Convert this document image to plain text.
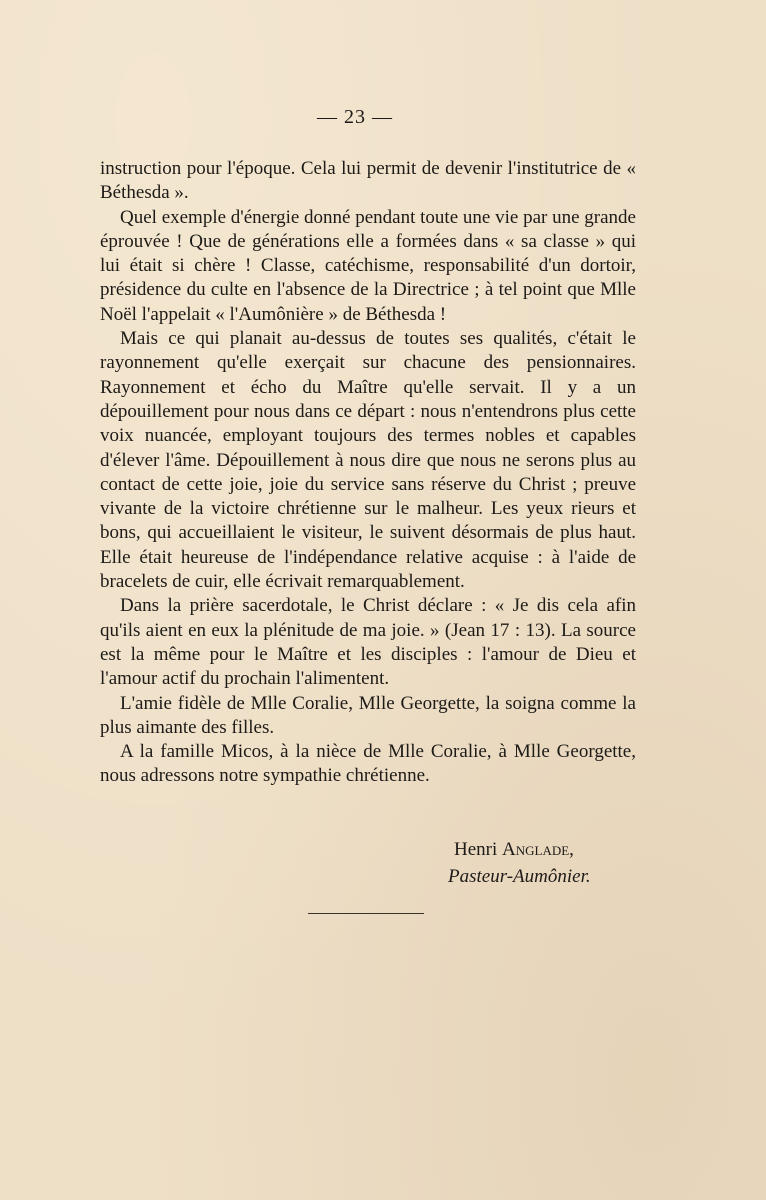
— 23 —

instruction pour l'époque. Cela lui permit de devenir l'institutrice de « Béthesda ».

Quel exemple d'énergie donné pendant toute une vie par une grande éprouvée ! Que de générations elle a formées dans « sa classe » qui lui était si chère ! Classe, catéchisme, responsabilité d'un dortoir, présidence du culte en l'absence de la Directrice ; à tel point que Mlle Noël l'appelait « l'Aumônière » de Béthesda !

Mais ce qui planait au-dessus de toutes ses qualités, c'était le rayonnement qu'elle exerçait sur chacune des pensionnaires. Rayonnement et écho du Maître qu'elle servait. Il y a un dépouillement pour nous dans ce départ : nous n'entendrons plus cette voix nuancée, employant toujours des termes nobles et capables d'élever l'âme. Dépouillement à nous dire que nous ne serons plus au contact de cette joie, joie du service sans réserve du Christ ; preuve vivante de la victoire chrétienne sur le malheur. Les yeux rieurs et bons, qui accueillaient le visiteur, le suivent désormais de plus haut. Elle était heureuse de l'indépendance relative acquise : à l'aide de bracelets de cuir, elle écrivait remarquablement.

Dans la prière sacerdotale, le Christ déclare : « Je dis cela afin qu'ils aient en eux la plénitude de ma joie. » (Jean 17 : 13). La source est la même pour le Maître et les disciples : l'amour de Dieu et l'amour actif du prochain l'alimentent.

L'amie fidèle de Mlle Coralie, Mlle Georgette, la soigna comme la plus aimante des filles.

A la famille Micos, à la nièce de Mlle Coralie, à Mlle Georgette, nous adressons notre sympathie chrétienne.

Henri Anglade,
Pasteur-Aumônier.
